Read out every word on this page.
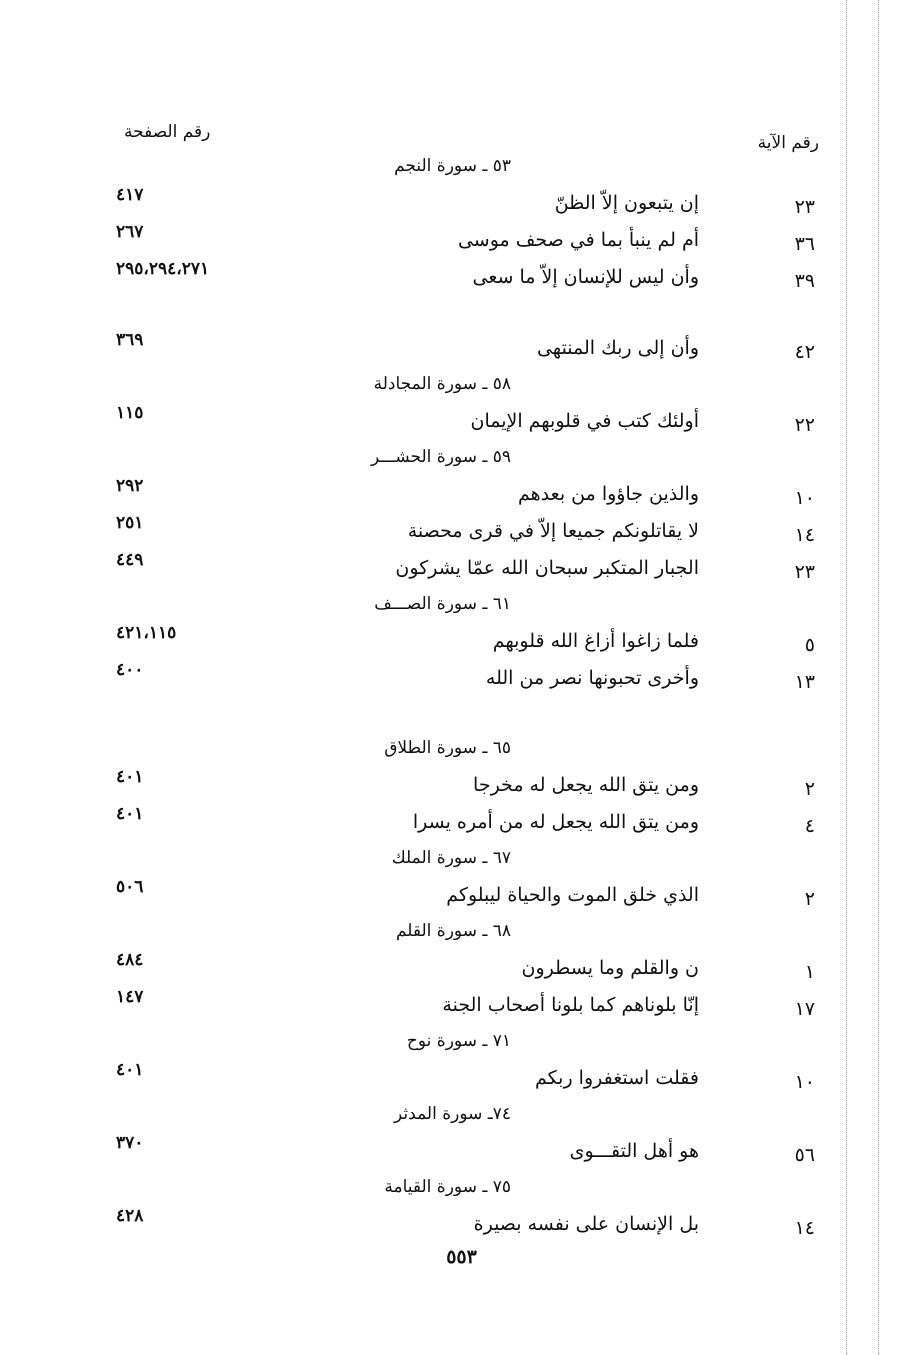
رقم الصفحة
رقم الآية
٥٣ ـ سورة النجم
٢٣
إن يتبعون إلاّ الظنّ
٤١٧
٣٦
أم لم ينبأ بما في صحف موسى
٢٦٧
٣٩
وأن ليس للإنسان إلاّ ما سعى
٢٩٥،٢٩٤،٢٧١
٤٢
وأن إلى ربك المنتهى
٣٦٩
٥٨ ـ سورة المجادلة
٢٢
أولئك كتب في قلوبهم الإيمان
١١٥
٥٩ ـ سورة الحشـــر
١٠
والذين جاؤوا من بعدهم
٢٩٢
١٤
لا يقاتلونكم جميعا إلاّ في قرى محصنة
٢٥١
٢٣
الجبار المتكبر سبحان الله عمّا يشركون
٤٤٩
٦١ ـ سورة الصـــف
٥
فلما زاغوا أزاغ الله قلوبهم
٤٢١،١١٥
١٣
وأخرى تحبونها نصر من الله
٤٠٠
٦٥ ـ سورة الطلاق
٢
ومن يتق الله يجعل له مخرجا
٤٠١
٤
ومن يتق الله يجعل له من أمره يسرا
٤٠١
٦٧ ـ سورة الملك
٢
الذي خلق الموت والحياة ليبلوكم
٥٠٦
٦٨ ـ سورة القلم
١
ن والقلم وما يسطرون
٤٨٤
١٧
إنّا بلوناهم كما بلونا أصحاب الجنة
١٤٧
٧١ ـ سورة نوح
١٠
فقلت استغفروا ربكم
٤٠١
٧٤ـ سورة المدثر
٥٦
هو أهل التقـــوى
٣٧٠
٧٥ ـ سورة القيامة
١٤
بل الإنسان على نفسه بصيرة
٤٢٨
٥٥٣
